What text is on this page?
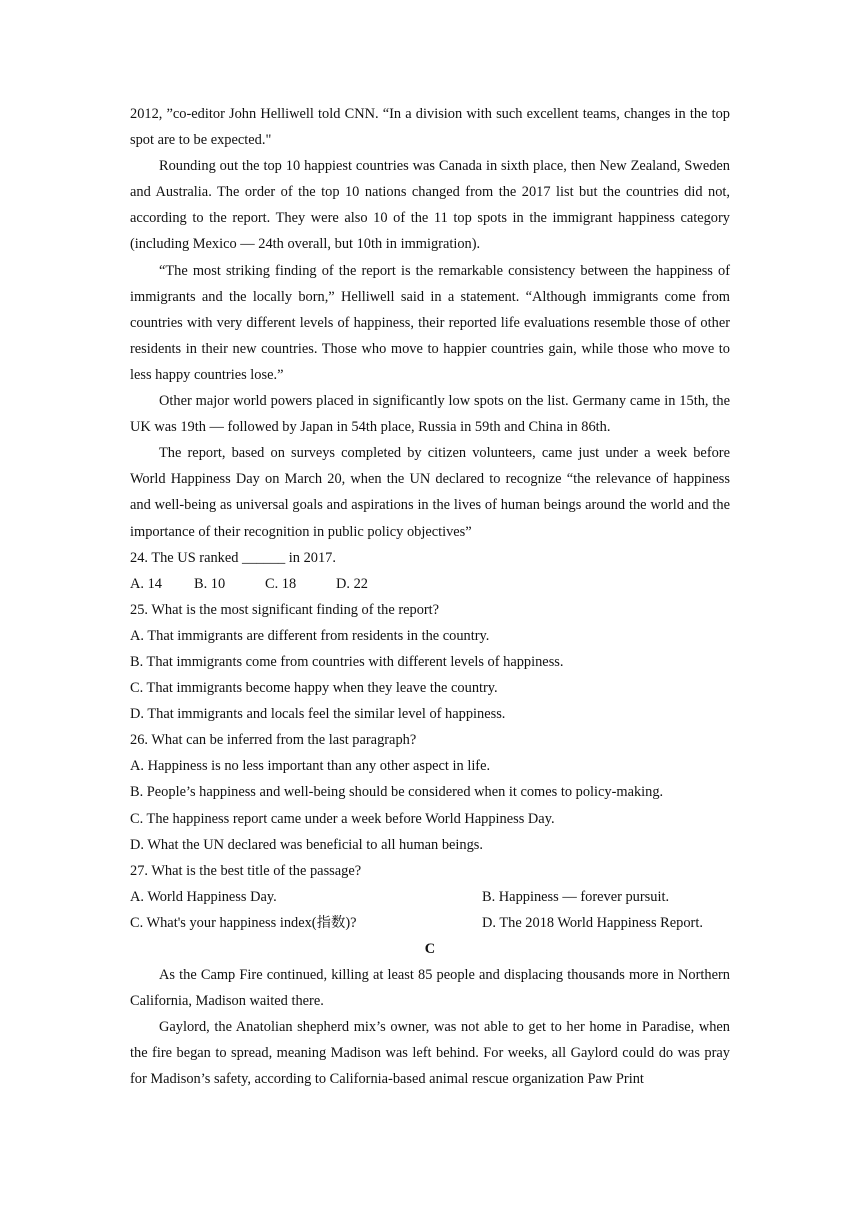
2012, ”co-editor John Helliwell told CNN. “In a division with such excellent teams, changes in the top spot are to be expected."

Rounding out the top 10 happiest countries was Canada in sixth place, then New Zealand, Sweden and Australia. The order of the top 10 nations changed from the 2017 list but the countries did not, according to the report. They were also 10 of the 11 top spots in the immigrant happiness category (including Mexico — 24th overall, but 10th in immigration).

“The most striking finding of the report is the remarkable consistency between the happiness of immigrants and the locally born,” Helliwell said in a statement. “Although immigrants come from countries with very different levels of happiness, their reported life evaluations resemble those of other residents in their new countries. Those who move to happier countries gain, while those who move to less happy countries lose.”

Other major world powers placed in significantly low spots on the list. Germany came in 15th, the UK was 19th — followed by Japan in 54th place, Russia in 59th and China in 86th.

The report, based on surveys completed by citizen volunteers, came just under a week before World Happiness Day on March 20, when the UN declared to recognize “the relevance of happiness and well-being as universal goals and aspirations in the lives of human beings around the world and the importance of their recognition in public policy objectives”

24. The US ranked ______ in 2017.

A. 14	B. 10	C. 18	D. 22

25. What is the most significant finding of the report?

A. That immigrants are different from residents in the country.

B. That immigrants come from countries with different levels of happiness.

C. That immigrants become happy when they leave the country.

D. That immigrants and locals feel the similar level of happiness.

26. What can be inferred from the last paragraph?

A. Happiness is no less important than any other aspect in life.

B. People’s happiness and well-being should be considered when it comes to policy-making.

C. The happiness report came under a week before World Happiness Day.

D. What the UN declared was beneficial to all human beings.

27. What is the best title of the passage?

A. World Happiness Day.	B. Happiness — forever pursuit.
C. What's your happiness index(指数)?	D. The 2018 World Happiness Report.

C

As the Camp Fire continued, killing at least 85 people and displacing thousands more in Northern California, Madison waited there.

Gaylord, the Anatolian shepherd mix’s owner, was not able to get to her home in Paradise, when the fire began to spread, meaning Madison was left behind. For weeks, all Gaylord could do was pray for Madison’s safety, according to California-based animal rescue organization Paw Print
